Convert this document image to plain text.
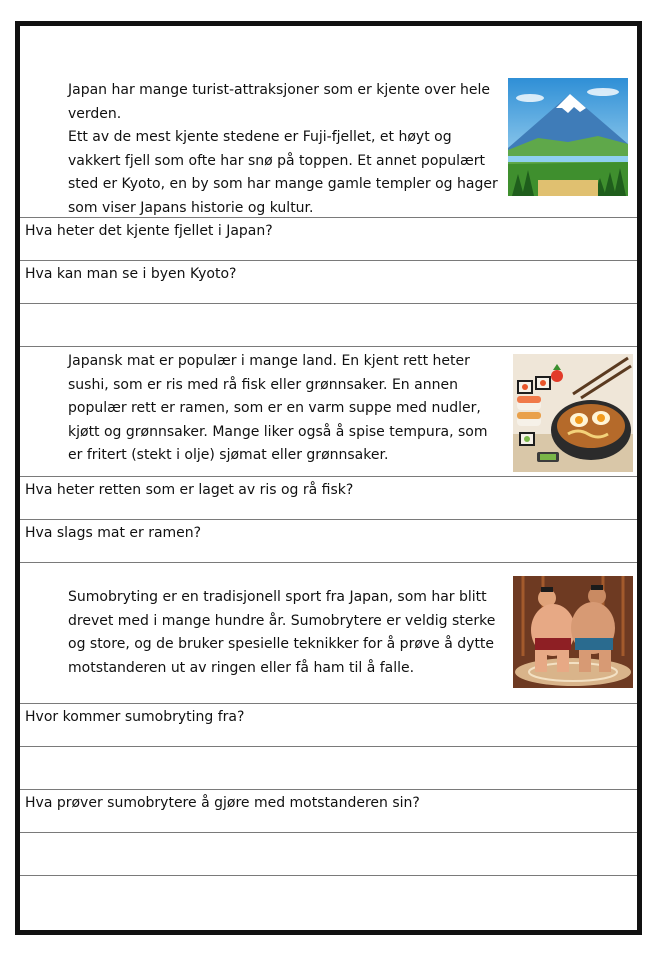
Japan har mange turist-attraksjoner som er kjente over hele verden.

Ett av de mest kjente stedene er Fuji-fjellet, et høyt og vakkert fjell som ofte har snø på toppen. Et annet populært sted er Kyoto, en by som har mange gamle templer og hager som viser Japans historie og kultur.

Hva heter det kjente fjellet i Japan?
Hva kan man se i byen Kyoto?

Japansk mat er populær i mange land. En kjent rett heter sushi, som er ris med rå fisk eller grønnsaker. En annen populær rett er ramen, som er en varm suppe med nudler, kjøtt og grønnsaker. Mange liker også å spise tempura, som er fritert (stekt i olje) sjømat eller grønnsaker.

Hva heter retten som er laget av ris og rå fisk?
Hva slags mat er ramen?

Sumobryting er en tradisjonell sport fra Japan, som har blitt drevet med i mange hundre år. Sumobrytere er veldig sterke og store, og de bruker spesielle teknikker for å prøve å dytte motstanderen ut av ringen eller få ham til å falle.

Hvor kommer sumobryting fra?
Hva prøver sumobrytere å gjøre med motstanderen sin?
